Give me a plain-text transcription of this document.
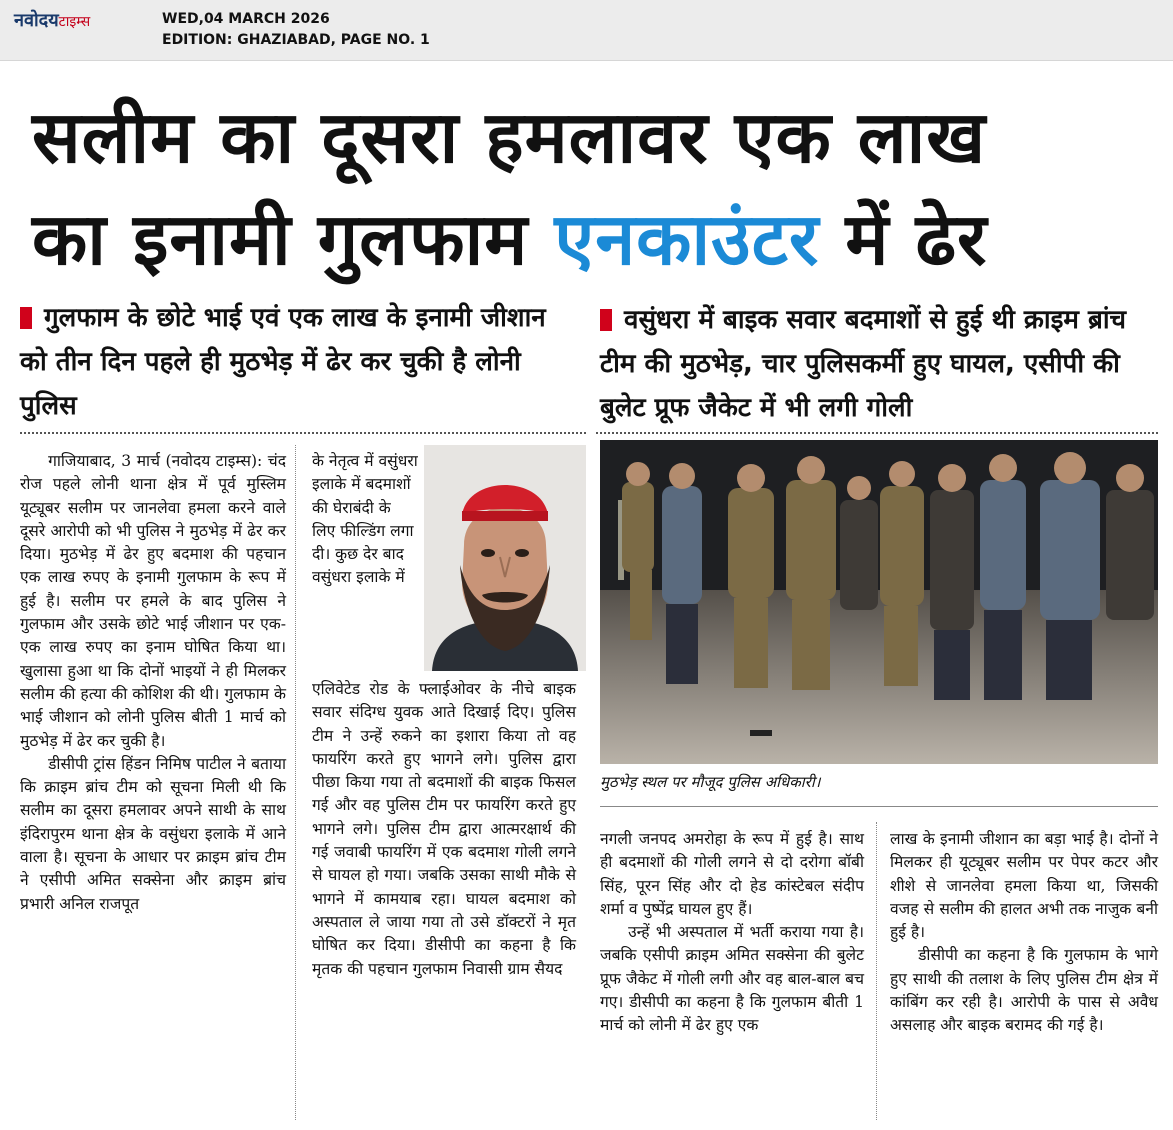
नवोदयटाइम्स	WED,04 MARCH 2026
EDITION: GHAZIABAD, PAGE NO. 1
सलीम का दूसरा हमलावर एक लाख
का इनामी गुलफाम एनकाउंटर में ढेर
गुलफाम के छोटे भाई एवं एक लाख के इनामी जीशान को तीन दिन पहले ही मुठभेड़ में ढेर कर चुकी है लोनी पुलिस
वसुंधरा में बाइक सवार बदमाशों से हुई थी क्राइम ब्रांच टीम की मुठभेड़, चार पुलिसकर्मी हुए घायल, एसीपी की बुलेट प्रूफ जैकेट में भी लगी गोली

गाजियाबाद, 3 मार्च (नवोदय टाइम्स): चंद रोज पहले लोनी थाना क्षेत्र में पूर्व मुस्लिम यूट्यूबर सलीम पर जानलेवा हमला करने वाले दूसरे आरोपी को भी पुलिस ने मुठभेड़ में ढेर कर दिया। मुठभेड़ में ढेर हुए बदमाश की पहचान एक लाख रुपए के इनामी गुलफाम के रूप में हुई है। सलीम पर हमले के बाद पुलिस ने गुलफाम और उसके छोटे भाई जीशान पर एक-एक लाख रुपए का इनाम घोषित किया था। खुलासा हुआ था कि दोनों भाइयों ने ही मिलकर सलीम की हत्या की कोशिश की थी। गुलफाम के भाई जीशान को लोनी पुलिस बीती 1 मार्च को मुठभेड़ में ढेर कर चुकी है।

डीसीपी ट्रांस हिंडन निमिष पाटील ने बताया कि क्राइम ब्रांच टीम को सूचना मिली थी कि सलीम का दूसरा हमलावर अपने साथी के साथ इंदिरापुरम थाना क्षेत्र के वसुंधरा इलाके में आने वाला है। सूचना के आधार पर क्राइम ब्रांच टीम ने एसीपी अमित सक्सेना और क्राइम ब्रांच प्रभारी अनिल राजपूत

के नेतृत्व में वसुंधरा इलाके में बदमाशों की घेराबंदी के लिए फील्डिंग लगा दी। कुछ देर बाद वसुंधरा इलाके में
एलिवेटेड रोड के फ्लाईओवर के नीचे बाइक सवार संदिग्ध युवक आते दिखाई दिए। पुलिस टीम ने उन्हें रुकने का इशारा किया तो वह फायरिंग करते हुए भागने लगे। पुलिस द्वारा पीछा किया गया तो बदमाशों की बाइक फिसल गई और वह पुलिस टीम पर फायरिंग करते हुए भागने लगे। पुलिस टीम द्वारा आत्मरक्षार्थ की गई जवाबी फायरिंग में एक बदमाश गोली लगने से घायल हो गया। जबकि उसका साथी मौके से भागने में कामयाब रहा। घायल बदमाश को अस्पताल ले जाया गया तो उसे डॉक्टरों ने मृत घोषित कर दिया। डीसीपी का कहना है कि मृतक की पहचान गुलफाम निवासी ग्राम सैयद
मुठभेड़ स्थल पर मौजूद पुलिस अधिकारी।

नगली जनपद अमरोहा के रूप में हुई है। साथ ही बदमाशों की गोली लगने से दो दरोगा बॉबी सिंह, पूरन सिंह और दो हेड कांस्टेबल संदीप शर्मा व पुष्पेंद्र घायल हुए हैं।

उन्हें भी अस्पताल में भर्ती कराया गया है। जबकि एसीपी क्राइम अमित सक्सेना की बुलेट प्रूफ जैकेट में गोली लगी और वह बाल-बाल बच गए। डीसीपी का कहना है कि गुलफाम बीती 1 मार्च को लोनी में ढेर हुए एक

लाख के इनामी जीशान का बड़ा भाई है। दोनों ने मिलकर ही यूट्यूबर सलीम पर पेपर कटर और शीशे से जानलेवा हमला किया था, जिसकी वजह से सलीम की हालत अभी तक नाजुक बनी हुई है।

डीसीपी का कहना है कि गुलफाम के भागे हुए साथी की तलाश के लिए पुलिस टीम क्षेत्र में कांबिंग कर रही है। आरोपी के पास से अवैध असलाह और बाइक बरामद की गई है।
